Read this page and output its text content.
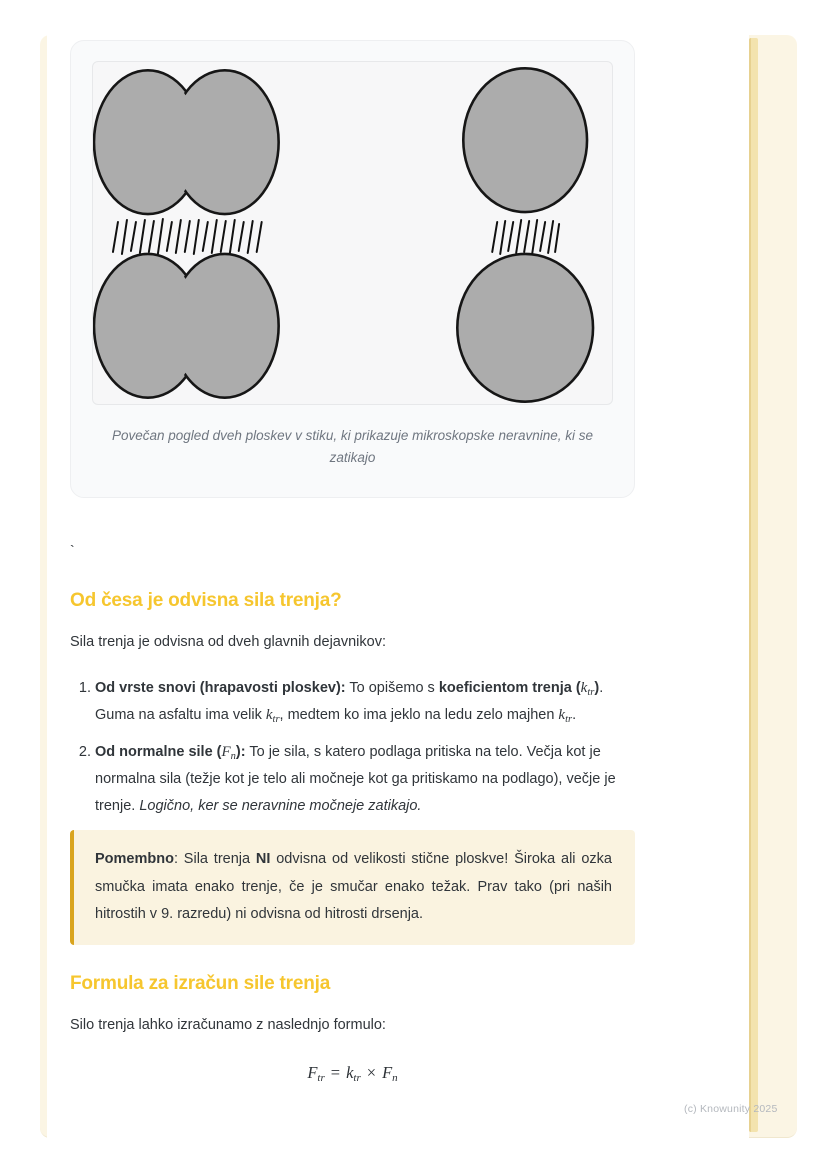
Povečan pogled dveh ploskev v stiku, ki prikazuje mikroskopske neravnine, ki se zatikajo

`

Od česa je odvisna sila trenja?

Sila trenja je odvisna od dveh glavnih dejavnikov:

1. Od vrste snovi (hrapavosti ploskev): To opišemo s koeficientom trenja $(k_{tr})$. Guma na asfaltu ima velik $k_{tr}$, medtem ko ima jeklo na ledu zelo majhen $k_{tr}$.
2. Od normalne sile $(F_n)$: To je sila, s katero podlaga pritiska na telo. Večja kot je normalna sila (težje kot je telo ali močneje kot ga pritiskamo na podlago), večje je trenje. Logično, ker se neravnine močneje zatikajo.

Pomembno: Sila trenja NI odvisna od velikosti stične ploskve! Široka ali ozka smučka imata enako trenje, če je smučar enako težak. Prav tako (pri naših hitrostih v 9. razredu) ni odvisna od hitrosti drsenja.

Formula za izračun sile trenja

Silo trenja lahko izračunamo z naslednjo formulo:

$F_{tr} = k_{tr} \times F_n$
(c) Knowunity 2025
